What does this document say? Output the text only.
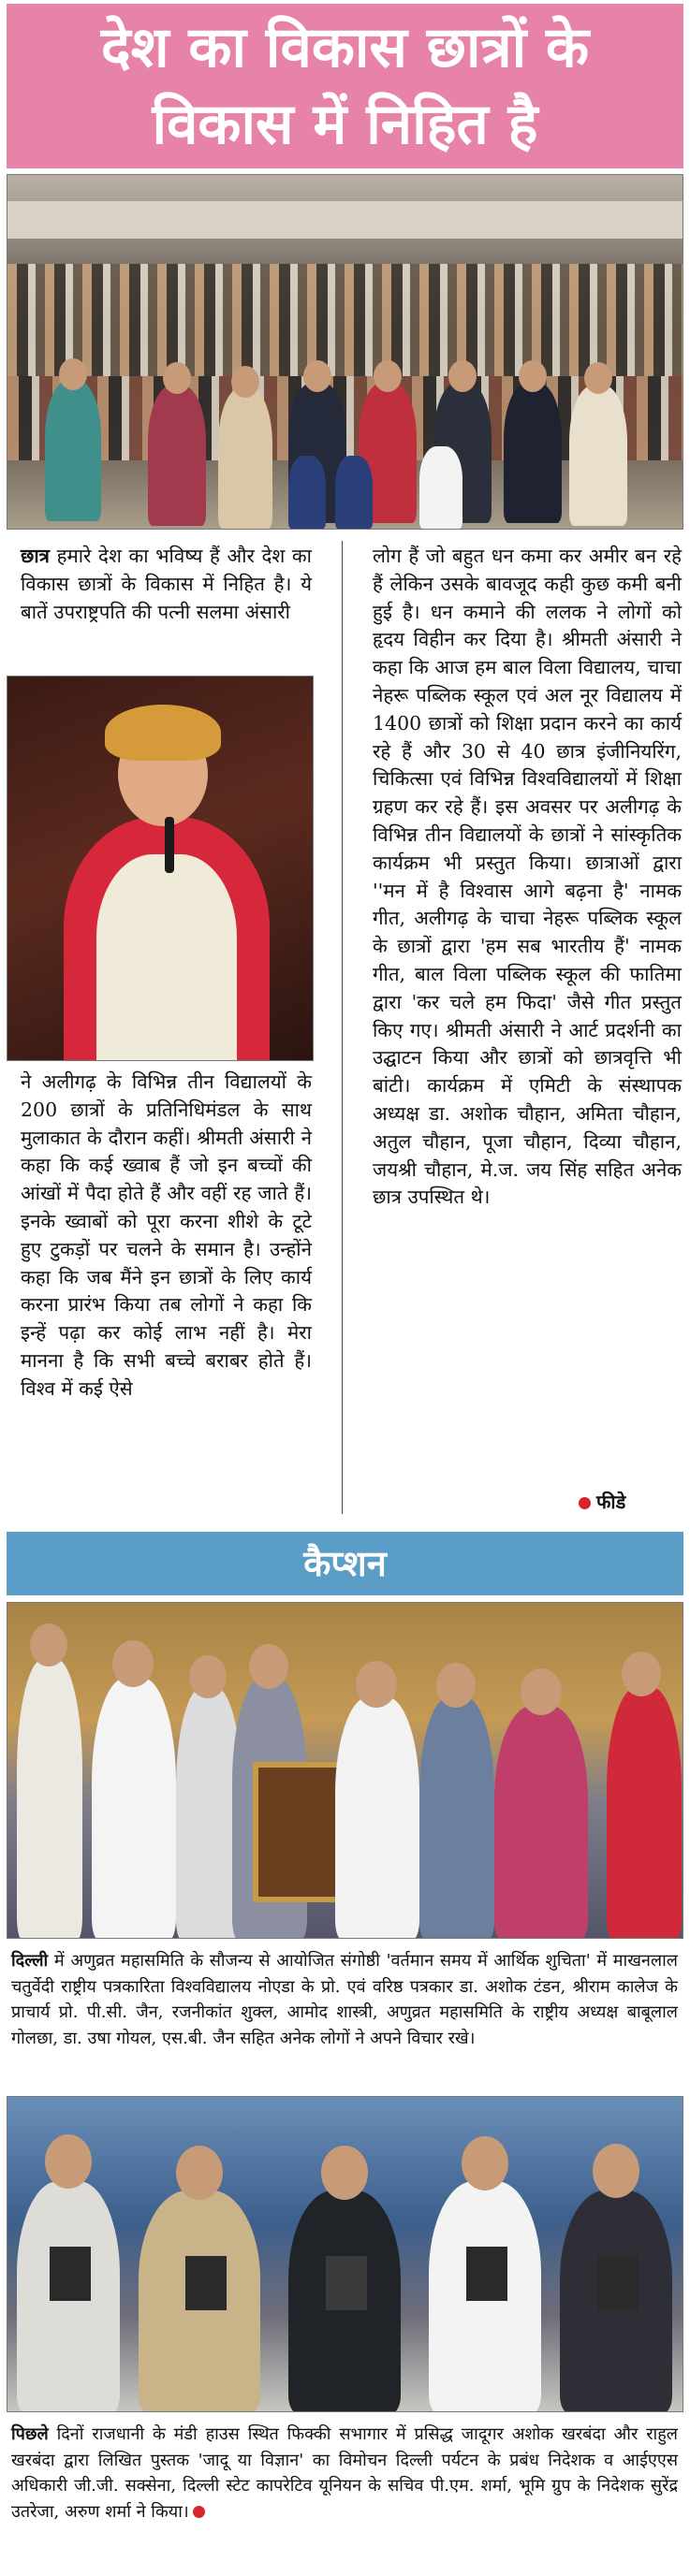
देश का विकास छात्रों के
विकास में निहित है
छात्र हमारे देश का भविष्य हैं और देश का विकास छात्रों के विकास में निहित है। ये बातें उपराष्ट्रपति की पत्नी सलमा अंसारी
ने अलीगढ़ के विभिन्न तीन विद्यालयों के 200 छात्रों के प्रतिनिधिमंडल के साथ मुलाकात के दौरान कहीं। श्रीमती अंसारी ने कहा कि कई ख्वाब हैं जो इन बच्चों की आंखों में पैदा होते हैं और वहीं रह जाते हैं। इनके ख्वाबों को पूरा करना शीशे के टूटे हुए टुकड़ों पर चलने के समान है। उन्होंने कहा कि जब मैंने इन छात्रों के लिए कार्य करना प्रारंभ किया तब लोगों ने कहा कि इन्हें पढ़ा कर कोई लाभ नहीं है। मेरा मानना है कि सभी बच्चे बराबर होते हैं। विश्व में कई ऐसे
लोग हैं जो बहुत धन कमा कर अमीर बन रहे हैं लेकिन उसके बावजूद कही कुछ कमी बनी हुई है। धन कमाने की ललक ने लोगों को हृदय विहीन कर दिया है। श्रीमती अंसारी ने कहा कि आज हम बाल विला विद्यालय, चाचा नेहरू पब्लिक स्कूल एवं अल नूर विद्यालय में 1400 छात्रों को शिक्षा प्रदान करने का कार्य रहे हैं और 30 से 40 छात्र इंजीनियरिंग, चिकित्सा एवं विभिन्न विश्वविद्यालयों में शिक्षा ग्रहण कर रहे हैं। इस अवसर पर अलीगढ़ के विभिन्न तीन विद्यालयों के छात्रों ने सांस्कृतिक कार्यक्रम भी प्रस्तुत किया। छात्राओं द्वारा ''मन में है विश्वास आगे बढ़ना है' नामक गीत, अलीगढ़ के चाचा नेहरू पब्लिक स्कूल के छात्रों द्वारा 'हम सब भारतीय हैं' नामक गीत, बाल विला पब्लिक स्कूल की फातिमा द्वारा 'कर चले हम फिदा' जैसे गीत प्रस्तुत किए गए। श्रीमती अंसारी ने आर्ट प्रदर्शनी का उद्घाटन किया और छात्रों को छात्रवृत्ति भी बांटी। कार्यक्रम में एमिटी के संस्थापक अध्यक्ष डा. अशोक चौहान, अमिता चौहान, अतुल चौहान, पूजा चौहान, दिव्या चौहान, जयश्री चौहान, मे.ज. जय सिंह सहित अनेक छात्र उपस्थित थे।
फीडे
कैप्शन
दिल्ली में अणुव्रत महासमिति के सौजन्य से आयोजित संगोष्ठी 'वर्तमान समय में आर्थिक शुचिता' में माखनलाल चतुर्वेदी राष्ट्रीय पत्रकारिता विश्वविद्यालय नोएडा के प्रो. एवं वरिष्ठ पत्रकार डा. अशोक टंडन, श्रीराम कालेज के प्राचार्य प्रो. पी.सी. जैन, रजनीकांत शुक्ल, आमोद शास्त्री, अणुव्रत महासमिति के राष्ट्रीय अध्यक्ष बाबूलाल गोलछा, डा. उषा गोयल, एस.बी. जैन सहित अनेक लोगों ने अपने विचार रखे।
पिछले दिनों राजधानी के मंडी हाउस स्थित फिक्की सभागार में प्रसिद्ध जादूगर अशोक खरबंदा और राहुल खरबंदा द्वारा लिखित पुस्तक 'जादू या विज्ञान' का विमोचन दिल्ली पर्यटन के प्रबंध निदेशक व आईएएस अधिकारी जी.जी. सक्सेना, दिल्ली स्टेट कापरेटिव यूनियन के सचिव पी.एम. शर्मा, भूमि ग्रुप के निदेशक सुरेंद्र उतरेजा, अरुण शर्मा ने किया।
